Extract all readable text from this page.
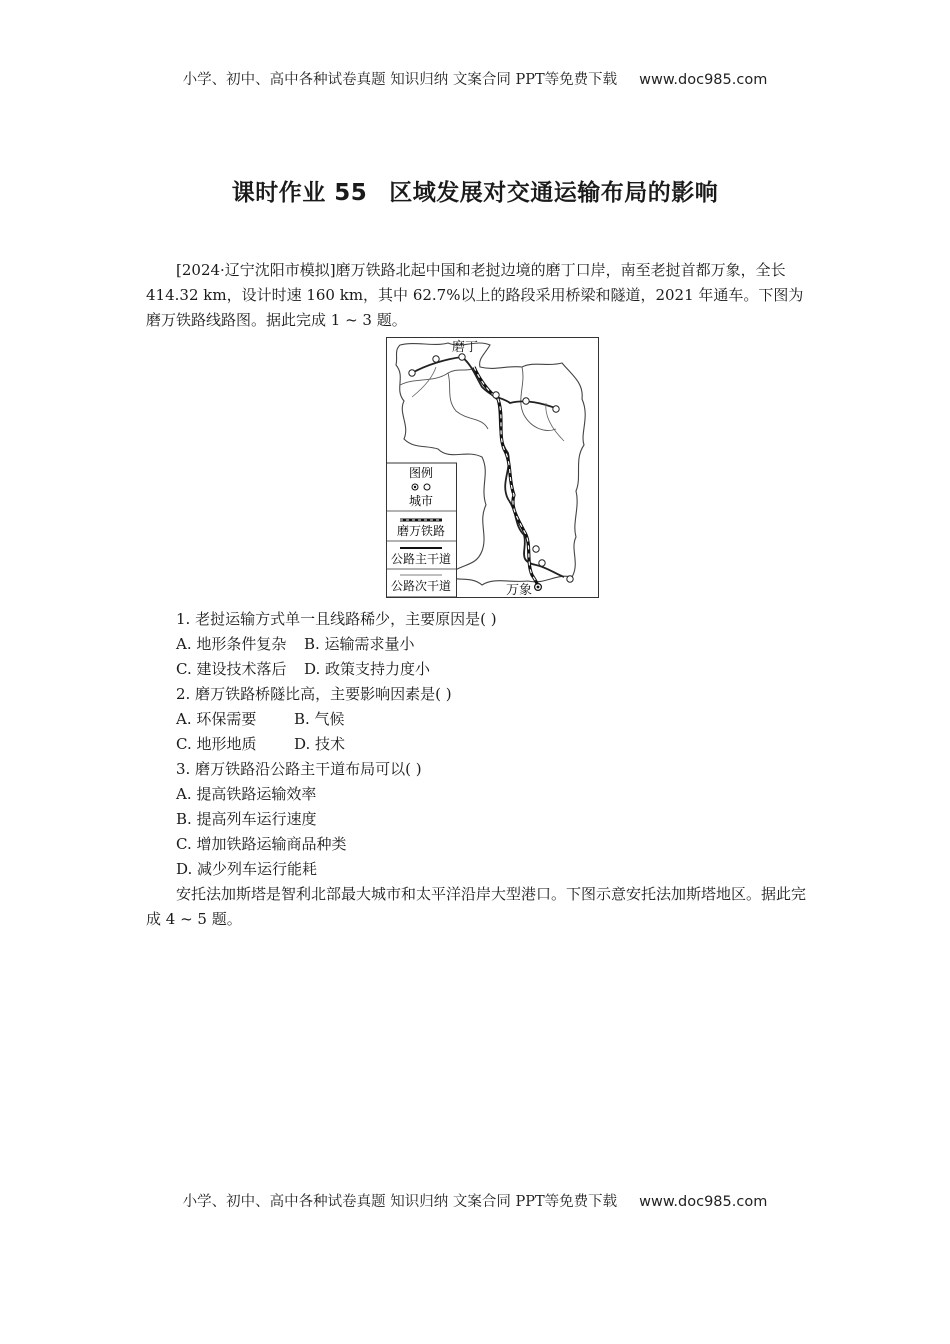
小学、初中、高中各种试卷真题 知识归纳 文案合同 PPT等免费下载 www.doc985.com
课时作业 55 区域发展对交通运输布局的影响

[2024·辽宁沈阳市模拟]磨万铁路北起中国和老挝边境的磨丁口岸，南至老挝首都万象，全长 414.32 km，设计时速 160 km，其中 62.7%以上的路段采用桥梁和隧道，2021 年通车。下图为磨万铁路线路图。据此完成 1 ~ 3 题。

磨丁
万象
图例
城市
磨万铁路
公路主干道
公路次干道
1. 老挝运输方式单一且线路稀少，主要原因是( )
A. 地形条件复杂 B. 运输需求量小
C. 建设技术落后 D. 政策支持力度小
2. 磨万铁路桥隧比高，主要影响因素是( )
A. 环保需要	B. 气候
C. 地形地质	D. 技术
3. 磨万铁路沿公路主干道布局可以( )
A. 提高铁路运输效率
B. 提高列车运行速度
C. 增加铁路运输商品种类
D. 减少列车运行能耗

安托法加斯塔是智利北部最大城市和太平洋沿岸大型港口。下图示意安托法加斯塔地区。据此完成 4 ~ 5 题。

小学、初中、高中各种试卷真题 知识归纳 文案合同 PPT等免费下载 www.doc985.com
